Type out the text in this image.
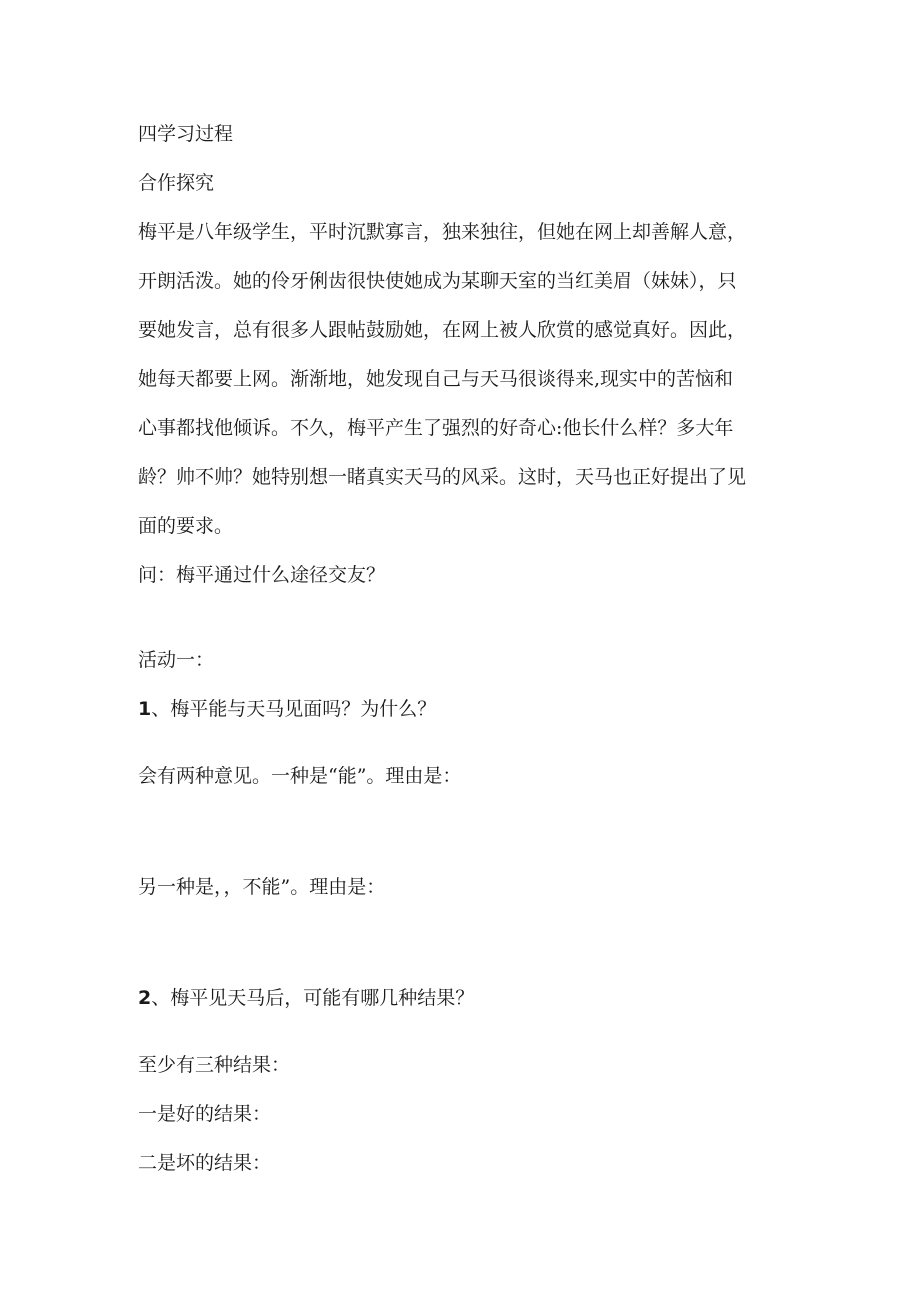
四学习过程

合作探究

梅平是八年级学生，平时沉默寡言，独来独往，但她在网上却善解人意，

开朗活泼。她的伶牙俐齿很快使她成为某聊天室的当红美眉（妹妹），只

要她发言，总有很多人跟帖鼓励她，在网上被人欣赏的感觉真好。因此，

她每天都要上网。渐渐地，她发现自己与天马很谈得来,现实中的苦恼和

心事都找他倾诉。不久，梅平产生了强烈的好奇心:他长什么样？多大年

龄？帅不帅？她特别想一睹真实天马的风采。这时，天马也正好提出了见

面的要求。

问：梅平通过什么途径交友？

活动一：

1、梅平能与天马见面吗？为什么？

会有两种意见。一种是“能”。理由是：

另一种是，，不能”。理由是：

2、梅平见天马后，可能有哪几种结果？

至少有三种结果：

一是好的结果：

二是坏的结果：
